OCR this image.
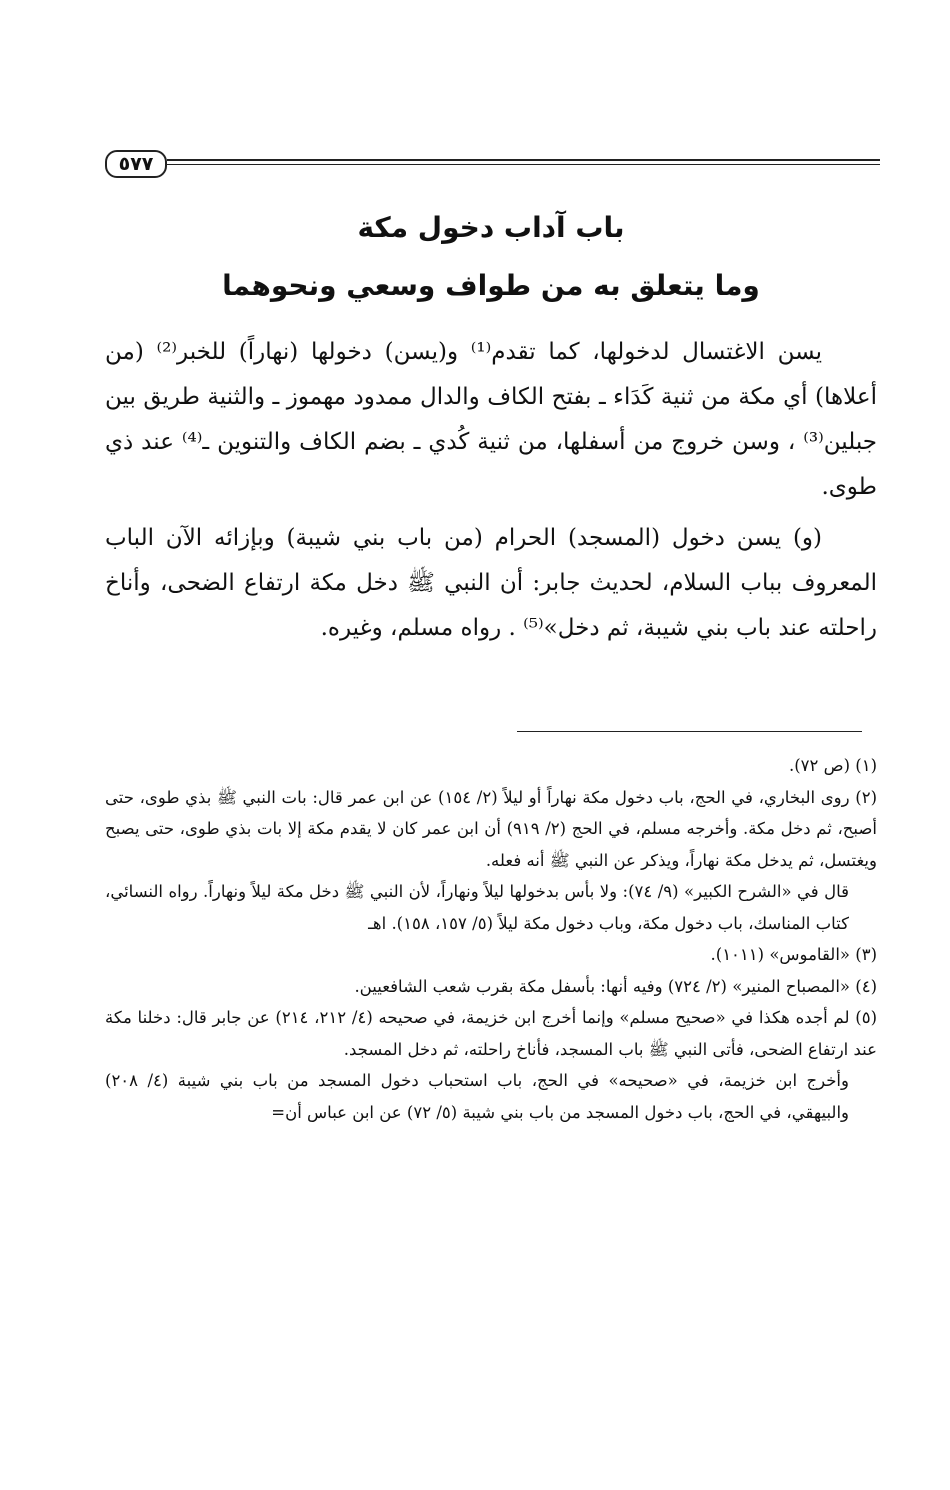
٥٧٧
باب آداب دخول مكة
وما يتعلق به من طواف وسعي ونحوهما

يسن الاغتسال لدخولها، كما تقدم⁽¹⁾ و(يسن) دخولها (نهاراً) للخبر⁽²⁾ (من أعلاها) أي مكة من ثنية كَدَاء ـ بفتح الكاف والدال ممدود مهموز ـ والثنية طريق بين جبلين⁽³⁾ ، وسن خروج من أسفلها، من ثنية كُدي ـ بضم الكاف والتنوين ـ⁽⁴⁾ عند ذي طوى.

(و) يسن دخول (المسجد) الحرام (من باب بني شيبة) وبإزائه الآن الباب المعروف بباب السلام، لحديث جابر: أن النبي ﷺ دخل مكة ارتفاع الضحى، وأناخ راحلته عند باب بني شيبة، ثم دخل»⁽⁵⁾ . رواه مسلم، وغيره.

(١) (ص ٧٢).

(٢) روى البخاري، في الحج، باب دخول مكة نهاراً أو ليلاً (٢/ ١٥٤) عن ابن عمر قال: بات النبي ﷺ بذي طوى، حتى أصبح، ثم دخل مكة. وأخرجه مسلم، في الحج (٢/ ٩١٩) أن ابن عمر كان لا يقدم مكة إلا بات بذي طوى، حتى يصبح ويغتسل، ثم يدخل مكة نهاراً، ويذكر عن النبي ﷺ أنه فعله.

قال في «الشرح الكبير» (٩/ ٧٤): ولا بأس بدخولها ليلاً ونهاراً، لأن النبي ﷺ دخل مكة ليلاً ونهاراً. رواه النسائي، كتاب المناسك، باب دخول مكة، وباب دخول مكة ليلاً (٥/ ١٥٧، ١٥٨). اهـ

(٣) «القاموس» (١٠١١).

(٤) «المصباح المنير» (٢/ ٧٢٤) وفيه أنها: بأسفل مكة بقرب شعب الشافعيين.

(٥) لم أجده هكذا في «صحيح مسلم» وإنما أخرج ابن خزيمة، في صحيحه (٤/ ٢١٢، ٢١٤) عن جابر قال: دخلنا مكة عند ارتفاع الضحى، فأتى النبي ﷺ باب المسجد، فأناخ راحلته، ثم دخل المسجد.

وأخرج ابن خزيمة، في «صحيحه» في الحج، باب استحباب دخول المسجد من باب بني شيبة (٤/ ٢٠٨) والبيهقي، في الحج، باب دخول المسجد من باب بني شيبة (٥/ ٧٢) عن ابن عباس أن=
